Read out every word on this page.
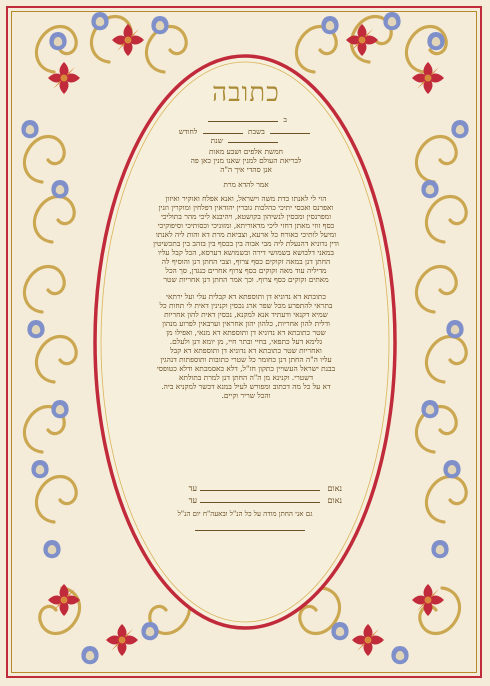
כתובה
ב
בשבת  לחודש
שנת
חמשת אלפים ושבע מאות
לבריאת העולם למנין שאנו מנין כאן פה
אנן סהדי איך ה"ה
אמר להדא מרת
הוי לי לאנתו כדת משה וישראל, ואנא אפלח ואוקיר ואיזון
ואפרנס ואכסי יתיכי כהלכות גוברין יהודאין דפלחין ומוקרין וזנין
ומפרנסין ומכסין לנשיהון בקושטא, ויהיבנא ליכי מהר בתוליכי
כסף זוזי מאתן דחזי ליכי מדאוריתא, ומזוניכי וכסותיכי וסיפוקיכי
ומיעל לותיכי כאורח כל ארעא, וצביאת מרת דא והות ליה לאנתו
ודין נדוניא דהנעלת ליה מבי אבוה בין בכסף בין בזהב בין בתכשיטין
במאני דלבושא בשמושי דירה ובשמושא דערסא, הכל קבל עליו
החתן דנן במאה זקוקים כסף צרוף, וצבי החתן דנן והוסיף לה
מדיליה עוד מאה זקוקים כסף צרוף אחרים כנגדן, סך הכל
מאתים זקוקים כסף צרוף. וכך אמר החתן דנן אחריות שטר
כתובתא דא נדוניא דן ותוספתא דא קבלית עלי ועל ירתאי
בתראי להתפרע מכל שפר ארג נכסין וקנינין דאית לי תחות כל
שמיא דקנאי ודעתיד אנא למקנא, נכסין דאית להון אחריות
ודלית להון אחריות, כלהון יהון אחראין וערבאין לפרוע מנהון
שטר כתובתא דא נדוניא דן ותוספתא דא מנאי, ואפילו מן
גלימא דעל כתפאי, בחיי ובתר חיי, מן יומא דנן ולעלם.
ואחריות שטר כתובתא דא נדוניא דן ותוספתא דא קבל
עליו ה"ה החתן דנן כחומר כל שטרי כתובות ותוספתות דנהגין
בבנת ישראל העשויין כתקון חז"ל, דלא כאסמכתא ודלא כטופסי
דשטרי. וקנינא מן ה"ה החתן דנן למרת בתולתא
דא על כל מה דכתוב ומפורש לעיל במנא דכשר למקניא ביה.
והכל שריר וקיים.
נאום עד
נאום עד
גם אני החתן מודה על כל הנ"ל ובאעה"ח יום הנ"ל
